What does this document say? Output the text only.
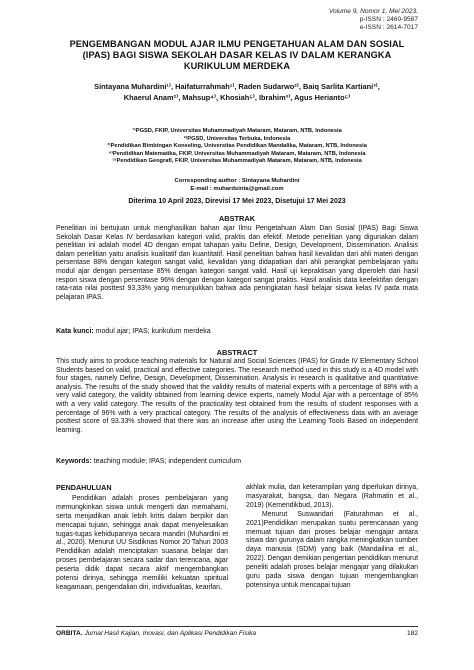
Volume 9, Nomor 1, Mei 2023.
p-ISSN : 2460-9587
e-ISSN : 2614-7017
PENGEMBANGAN MODUL AJAR ILMU PENGETAHUAN ALAM DAN SOSIAL (IPAS) BAGI SISWA SEKOLAH DASAR KELAS IV DALAM KERANGKA KURIKULUM MERDEKA
Sintayana Muhardini¹⁾, Haifaturrahmah¹⁾, Raden Sudarwo²⁾, Baiq Sarlita Kartiani³⁾,
Khaerul Anam²⁾, Mahsup⁴⁾, Khosiah⁵⁾, Ibrahim³⁾, Agus Herianto⁵⁾
¹⁾PGSD, FKIP, Universitas Muhammadiyah Mataram, Mataram, NTB, Indonesia
²⁾PGSD, Universitas Terbuka, Indonesia
³⁾Pendidikan Bimbingan Konseling, Universitas Pendidikan Mandalika, Mataram, NTB, Indonesia
⁴⁾Pendidikan Matematika, FKIP, Universitas Muhammadiyah Mataram, Mataram, NTB, Indonesia
⁵⁾Pendidikan Geografi, FKIP, Universitas Muhammadiyah Mataram, Mataram, NTB, Indonesia
Corresponding author : Sintayana Muhardini
E-mail : muhardsinta@gmail.com
Diterima 10 April 2023, Direvisi 17 Mei 2023, Disetujui 17 Mei 2023
ABSTRAK
Penelitian ini bertujuan untuk menghasilkan bahan ajar Ilmu Pengetahuan Alam Dan Sosial (IPAS) Bagi Siswa Sekolah Dasar Kelas IV berdasarkan kategori valid, praktis dan efektif. Metode penelitian yang digunakan dalam penelitian ini adalah model 4D dengan empat tahapan yaitu Define, Design, Development, Dissemination. Analisis dalam penelitian yaitu analisis kualitatif dan kuantitatif. Hasil penelitian bahwa hasil kevalidan dari ahli materi dengan persentase 88% dengan kategori sangat valid, kevalidan yang didapatkan dari ahli perangkat pembelajaran yaitu modul ajar dengan persentase 85% dengan kategori sangat valid. Hasil uji kepraktisan yang diperoleh dari hasil respon siswa dengan persentase 96% dengan dengan kategori sangat praktis. Hasil analisis data keefektifan dengan rata-rata nilai posttest 93,33% yang menunjukkan bahwa ada peningkatan hasil belajar siswa kelas IV pada mata pelajaran IPAS.
Kata kunci: modul ajar; IPAS; kurikulum merdeka
ABSTRACT
This study aims to produce teaching materials for Natural and Social Sciences (IPAS) for Grade IV Elementary School Students based on valid, practical and effective categories. The research method used in this study is a 4D model with four stages, namely Define, Design, Development, Dissemination. Analysis in research is qualitative and quantitative analysis. The results of the study showed that the validity results of material experts with a percentage of 88% with a very valid category, the validity obtained from learning device experts, namely Modul Ajar with a percentage of 85% with a very valid category. The results of the practicality test obtained from the results of student responses with a percentage of 96% with a very practical category. The results of the analysis of effectiveness data with an average posttest score of 93.33% showed that there was an increase after using the Learning Tools Based on independent learning.
Keywords: teaching module; IPAS; independent curriculum
PENDAHULUAN

Pendidikan adalah proses pembelajaran yang memungkinkan siswa untuk mengerti dan memahami, serta menjadikan anak lebih kritis dalam berpikir dan mencapai tujuan, sehingga anak dapat menyelesaikan tugas-tugas kehidupannya secara mandiri (Muhardini et al., 2020). Menurut UU Sisdiknas Nomor 20 Tahun 2003 Pendidikan adalah menciptakan suasana belajar dan proses pembelajaran secara sadar dan terencana, agar peserta didik dapat secara aktif mengembangkan potensi dirinya, sehingga memiliki kekuatan spiritual keagamaan, pengendalian diri, individualitas, kearifan,

akhlak mulia, dan keterampilan yang diperlukan dirinya, masyarakat, bangsa, dan Negara (Rahmatin et al., 2019) (Kemendikbud, 2013).

Menurut Suswandari (Faturahman et al., 2021)Pendidikan merupakan suatu perencanaan yang memuat tujuan dari proses belajar mengajar antara siswa dan gurunya dalam rangka meningkatkan sumber daya manusia (SDM) yang baik (Mandailina et al., 2022). Dengan demikian pengertian pendidikan menurut peneliti adalah proses belajar mengajar yang dilakukan guru pada siswa dengan tujuan mengembangkan potensinya untuk mencapai tujuan

ORBITA. Jurnal Hasil Kajian, Inovasi, dan Aplikasi Pendidikan Fisika	182
